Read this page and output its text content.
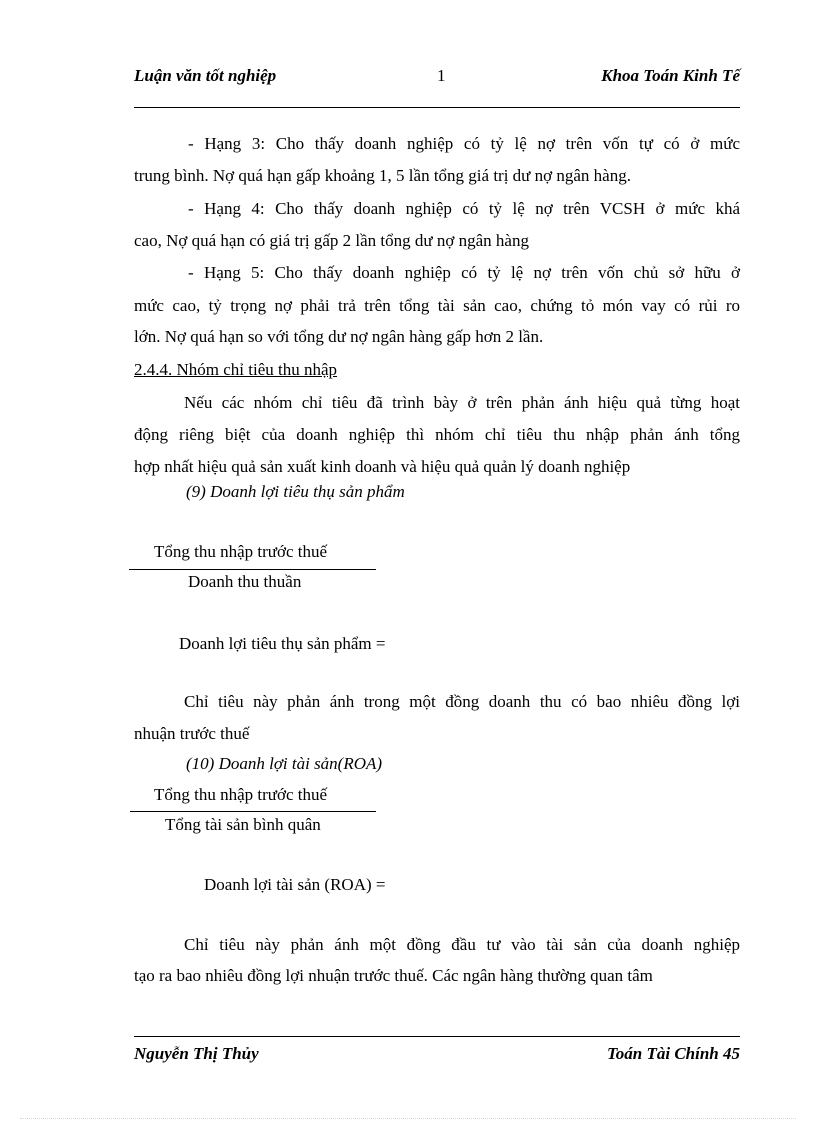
Luận văn tốt nghiệp	1	Khoa Toán Kinh Tế
- Hạng 3: Cho thấy doanh nghiệp có tỷ lệ nợ trên vốn tự có ở mức
trung bình. Nợ quá hạn gấp khoảng 1, 5 lần tổng giá trị dư nợ ngân hàng.
- Hạng 4: Cho thấy doanh nghiệp có tỷ lệ nợ trên VCSH ở mức khá
cao, Nợ quá hạn có giá trị gấp 2 lần tổng dư nợ ngân hàng
- Hạng 5: Cho thấy doanh nghiệp có tỷ lệ nợ trên vốn chủ sở hữu ở
mức cao, tỷ trọng nợ phải trả trên tổng tài sản cao, chứng tỏ món vay có rủi ro
lớn. Nợ quá hạn so với tổng dư nợ ngân hàng gấp hơn 2 lần.
2.4.4. Nhóm chỉ tiêu thu nhập
Nếu các nhóm chỉ tiêu đã trình bày ở trên phản ánh hiệu quả từng hoạt
động riêng biệt của doanh nghiệp thì nhóm chỉ tiêu thu nhập phản ánh tổng
hợp nhất hiệu quả sản xuất kinh doanh và hiệu quả quản lý doanh nghiệp
(9) Doanh lợi tiêu thụ sản phẩm
Tổng thu nhập trước thuế
Doanh thu thuần
Doanh lợi tiêu thụ sản phẩm =
Chỉ tiêu này phản ánh trong một đồng doanh thu có bao nhiêu đồng lợi
nhuận trước thuế
(10) Doanh lợi tài sản(ROA)
Tổng thu nhập trước thuế
Tổng tài sản bình quân
Doanh lợi tài sản (ROA) =
Chỉ tiêu này phản ánh một đồng đầu tư vào tài sản của doanh nghiệp
tạo ra bao nhiêu đồng lợi nhuận trước thuế. Các ngân hàng thường quan tâm
Nguyễn Thị Thủy	Toán Tài Chính 45
